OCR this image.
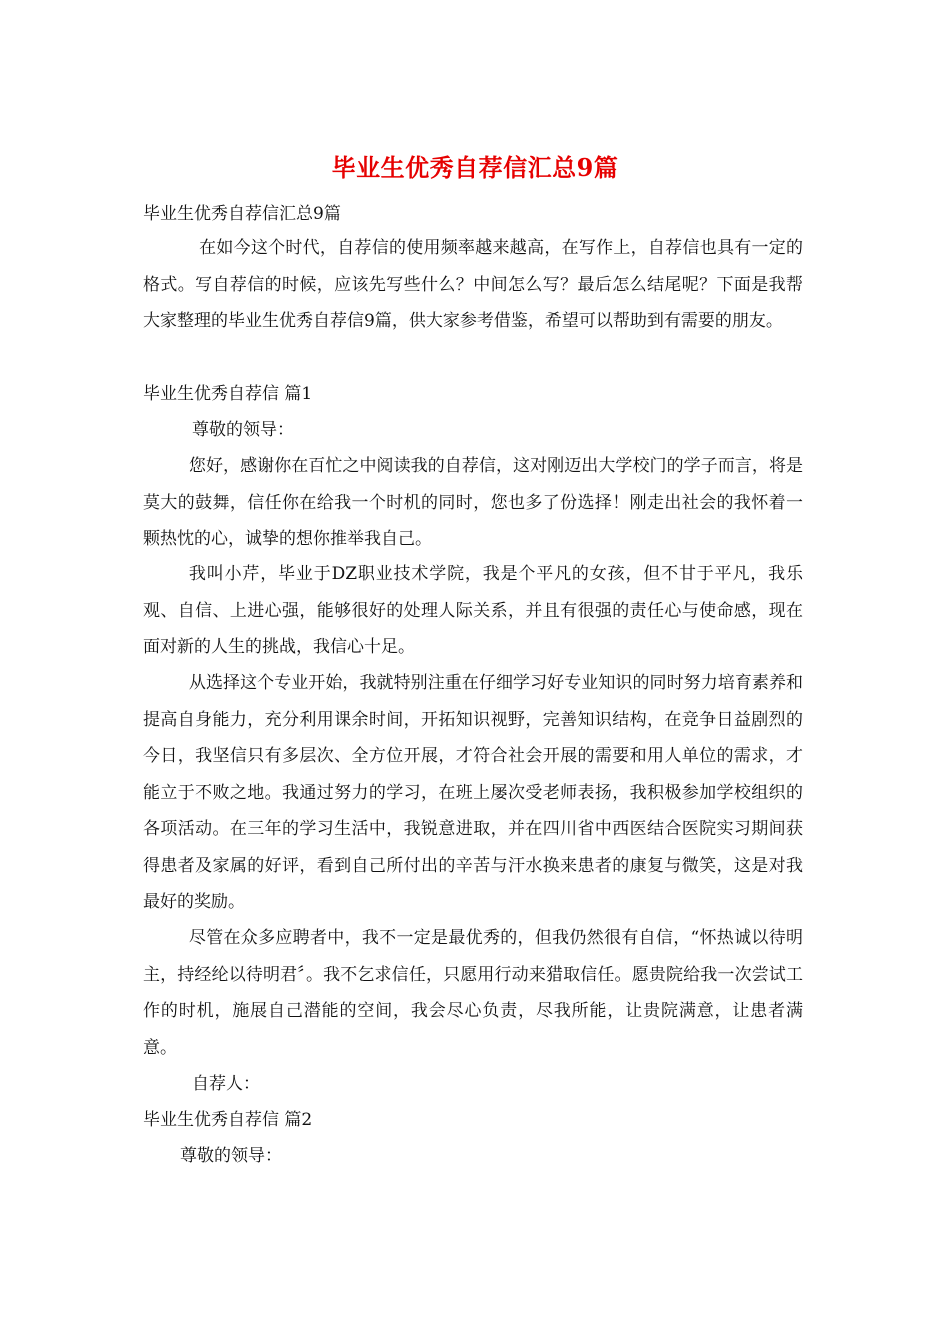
毕业生优秀自荐信汇总9篇
毕业生优秀自荐信汇总9篇

在如今这个时代，自荐信的使用频率越来越高，在写作上，自荐信也具有一定的格式。写自荐信的时候，应该先写些什么？中间怎么写？最后怎么结尾呢？下面是我帮大家整理的毕业生优秀自荐信9篇，供大家参考借鉴，希望可以帮助到有需要的朋友。

毕业生优秀自荐信 篇1
尊敬的领导：

您好，感谢你在百忙之中阅读我的自荐信，这对刚迈出大学校门的学子而言，将是莫大的鼓舞，信任你在给我一个时机的同时，您也多了份选择！刚走出社会的我怀着一颗热忱的心，诚挚的想你推举我自己。

我叫小芹，毕业于DZ职业技术学院，我是个平凡的女孩，但不甘于平凡，我乐观、自信、上进心强，能够很好的处理人际关系，并且有很强的责任心与使命感，现在面对新的人生的挑战，我信心十足。

从选择这个专业开始，我就特别注重在仔细学习好专业知识的同时努力培育素养和提高自身能力，充分利用课余时间，开拓知识视野，完善知识结构，在竞争日益剧烈的今日，我坚信只有多层次、全方位开展，才符合社会开展的需要和用人单位的需求，才能立于不败之地。我通过努力的学习，在班上屡次受老师表扬，我积极参加学校组织的各项活动。在三年的学习生活中，我锐意进取，并在四川省中西医结合医院实习期间获得患者及家属的好评，看到自己所付出的辛苦与汗水换来患者的康复与微笑，这是对我最好的奖励。

尽管在众多应聘者中，我不一定是最优秀的，但我仍然很有自信，“怀热诚以待明主，持经纶以待明君〞。我不乞求信任，只愿用行动来猎取信任。愿贵院给我一次尝试工作的时机，施展自己潜能的空间，我会尽心负责，尽我所能，让贵院满意，让患者满意。

自荐人：
毕业生优秀自荐信 篇2
尊敬的领导：
